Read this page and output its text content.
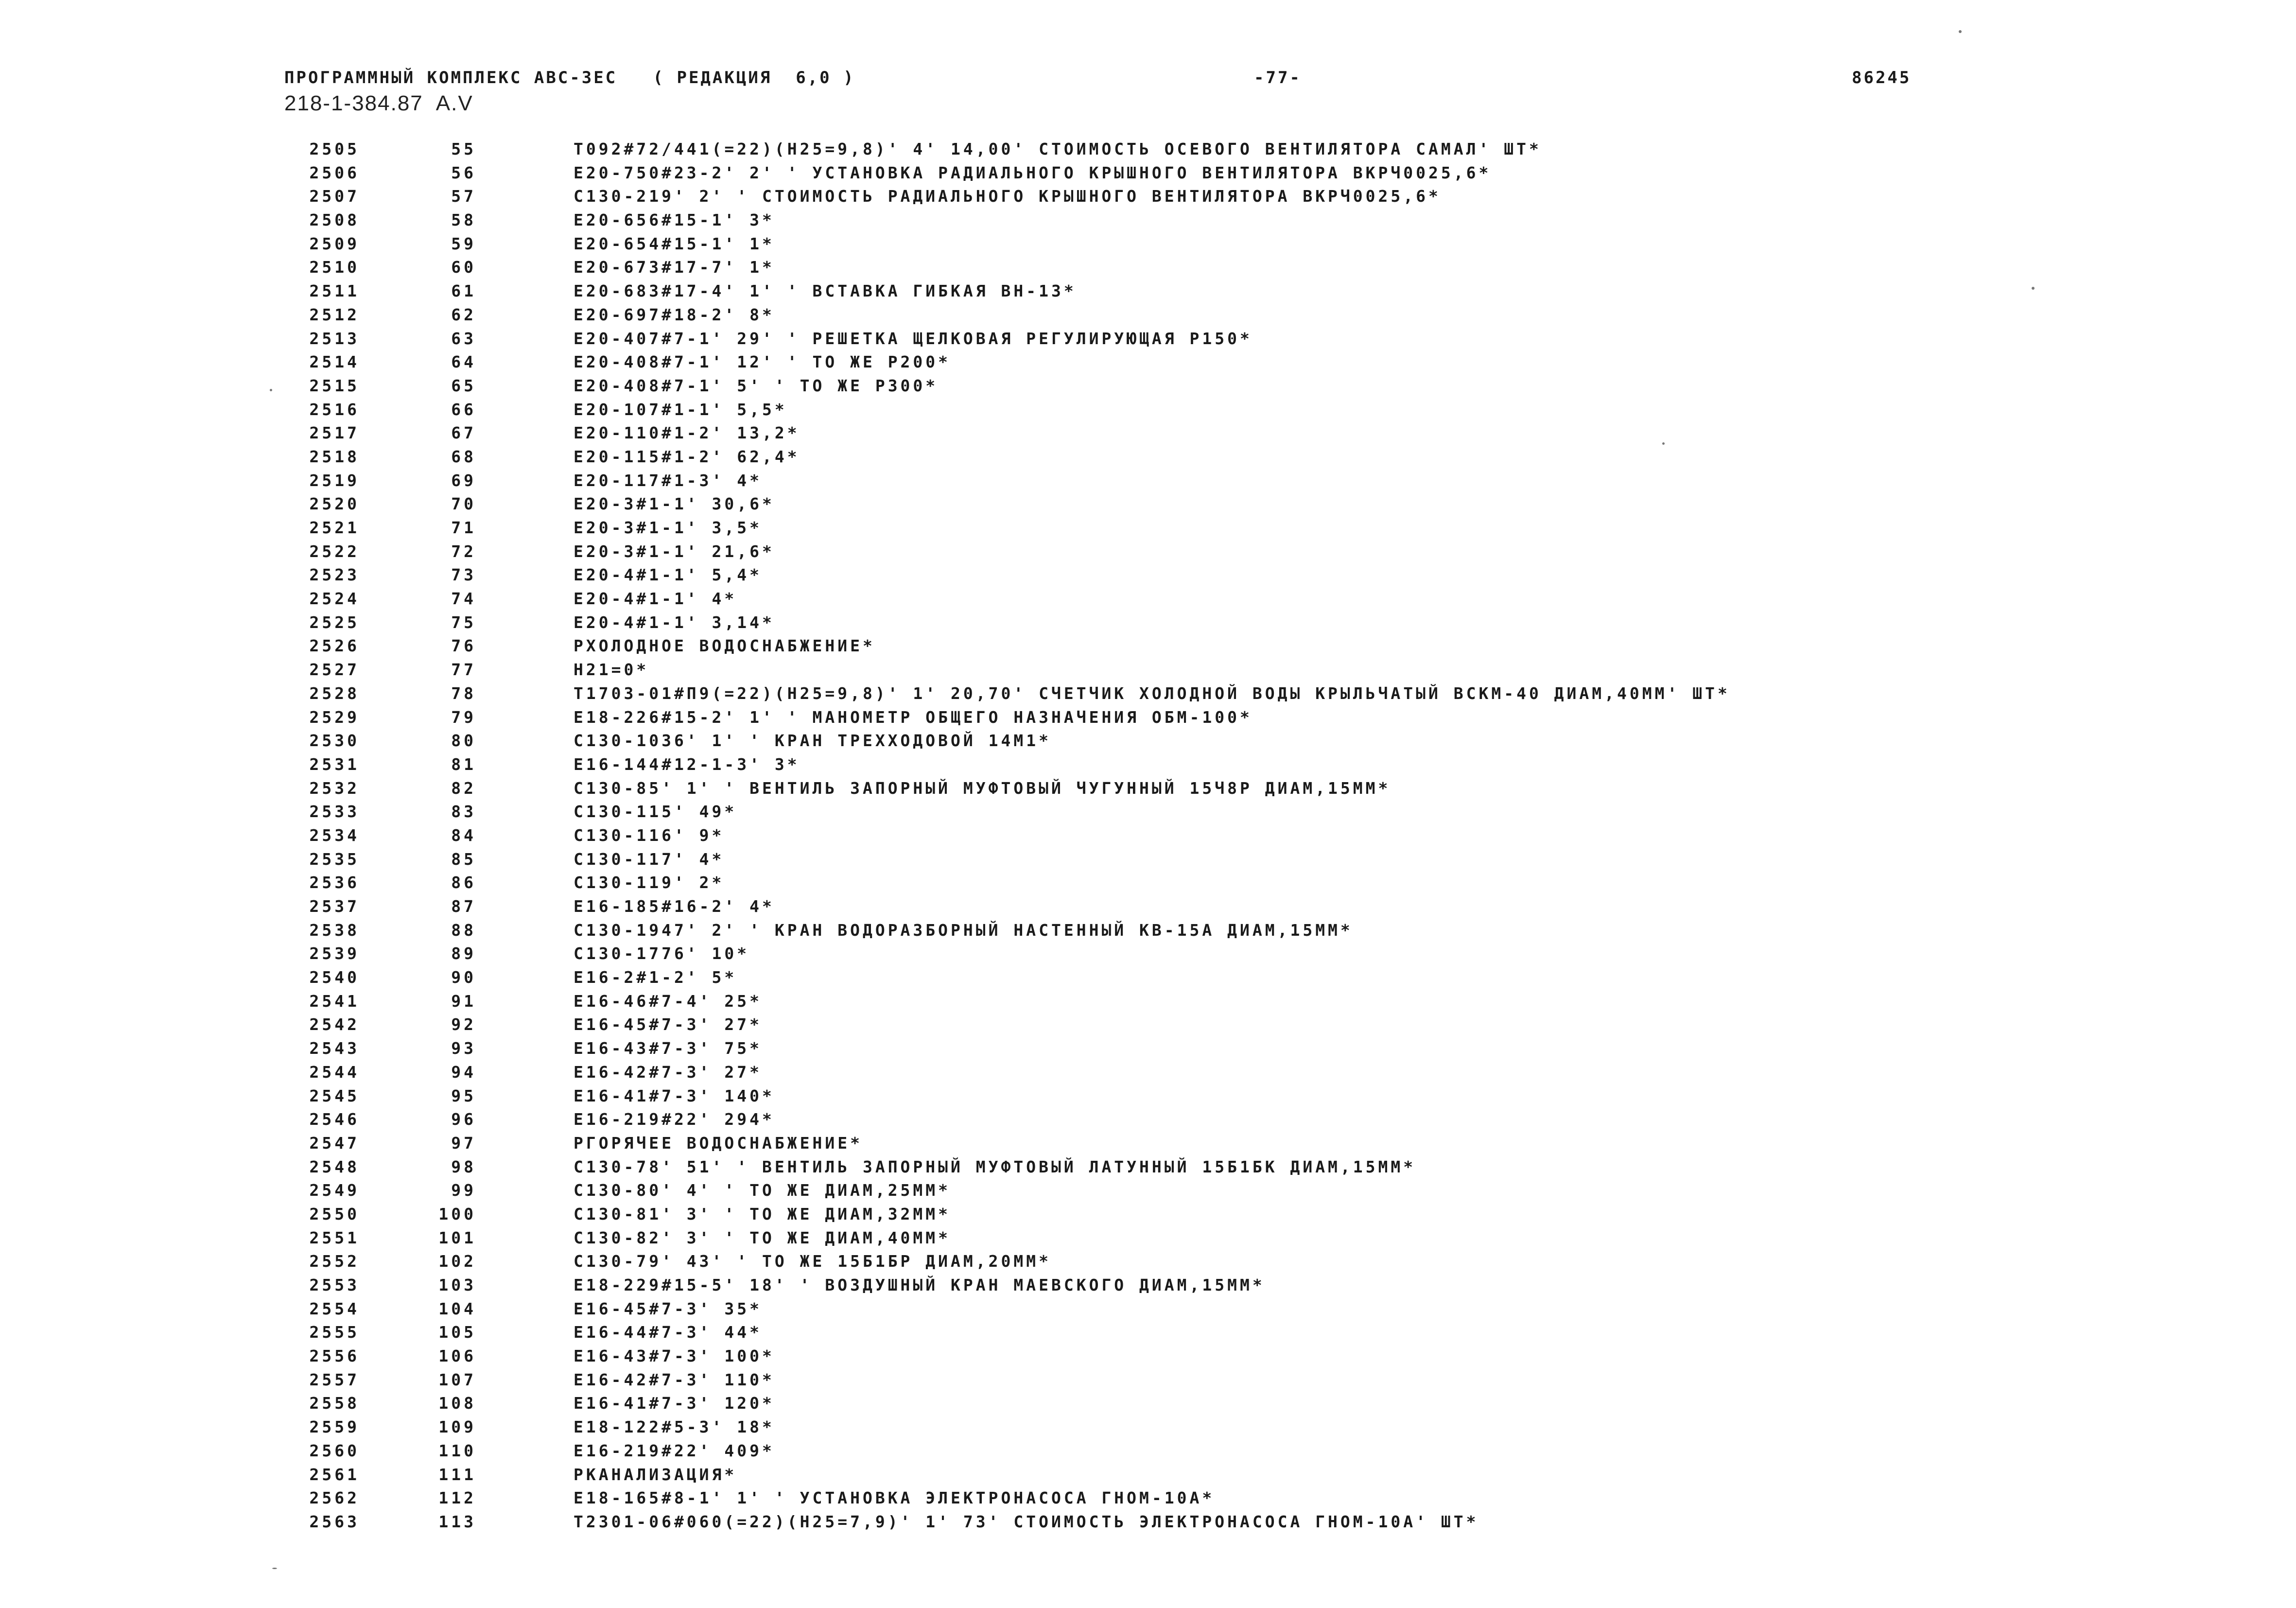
ПРОГРАММНЫЙ КОМПЛЕКС АВС-3ЕС   ( РЕДАКЦИЯ  6,0 )	-77-	86245
218-1-384.87  A.V
2505	55	Т092#72/441(=22)(Н25=9,8)' 4' 14,00' СТОИМОСТЬ ОСЕВОГО ВЕНТИЛЯТОРА САМАЛ' ШТ*
2506	56	Е20-750#23-2' 2' ' УСТАНОВКА РАДИАЛЬНОГО КРЫШНОГО ВЕНТИЛЯТОРА ВКРЧ0025,6*
2507	57	С130-219' 2' ' СТОИМОСТЬ РАДИАЛЬНОГО КРЫШНОГО ВЕНТИЛЯТОРА ВКРЧ0025,6*
2508	58	Е20-656#15-1' 3*
2509	59	Е20-654#15-1' 1*
2510	60	Е20-673#17-7' 1*
2511	61	Е20-683#17-4' 1' ' ВСТАВКА ГИБКАЯ ВН-13*
2512	62	Е20-697#18-2' 8*
2513	63	Е20-407#7-1' 29' ' РЕШЕТКА ЩЕЛКОВАЯ РЕГУЛИРУЮЩАЯ Р150*
2514	64	Е20-408#7-1' 12' ' ТО ЖЕ Р200*
2515	65	Е20-408#7-1' 5' ' ТО ЖЕ Р300*
2516	66	Е20-107#1-1' 5,5*
2517	67	Е20-110#1-2' 13,2*
2518	68	Е20-115#1-2' 62,4*
2519	69	Е20-117#1-3' 4*
2520	70	Е20-3#1-1' 30,6*
2521	71	Е20-3#1-1' 3,5*
2522	72	Е20-3#1-1' 21,6*
2523	73	Е20-4#1-1' 5,4*
2524	74	Е20-4#1-1' 4*
2525	75	Е20-4#1-1' 3,14*
2526	76	РХОЛОДНОЕ ВОДОСНАБЖЕНИЕ*
2527	77	Н21=0*
2528	78	Т1703-01#П9(=22)(Н25=9,8)' 1' 20,70' СЧЕТЧИК ХОЛОДНОЙ ВОДЫ КРЫЛЬЧАТЫЙ ВСКМ-40 ДИАМ,40ММ' ШТ*
2529	79	Е18-226#15-2' 1' ' МАНОМЕТР ОБЩЕГО НАЗНАЧЕНИЯ ОБМ-100*
2530	80	С130-1036' 1' ' КРАН ТРЕХХОДОВОЙ 14М1*
2531	81	Е16-144#12-1-3' 3*
2532	82	С130-85' 1' ' ВЕНТИЛЬ ЗАПОРНЫЙ МУФТОВЫЙ ЧУГУННЫЙ 15Ч8Р ДИАМ,15ММ*
2533	83	С130-115' 49*
2534	84	С130-116' 9*
2535	85	С130-117' 4*
2536	86	С130-119' 2*
2537	87	Е16-185#16-2' 4*
2538	88	С130-1947' 2' ' КРАН ВОДОРАЗБОРНЫЙ НАСТЕННЫЙ КВ-15А ДИАМ,15ММ*
2539	89	С130-1776' 10*
2540	90	Е16-2#1-2' 5*
2541	91	Е16-46#7-4' 25*
2542	92	Е16-45#7-3' 27*
2543	93	Е16-43#7-3' 75*
2544	94	Е16-42#7-3' 27*
2545	95	Е16-41#7-3' 140*
2546	96	Е16-219#22' 294*
2547	97	РГОРЯЧЕЕ ВОДОСНАБЖЕНИЕ*
2548	98	С130-78' 51' ' ВЕНТИЛЬ ЗАПОРНЫЙ МУФТОВЫЙ ЛАТУННЫЙ 15Б1БК ДИАМ,15ММ*
2549	99	С130-80' 4' ' ТО ЖЕ ДИАМ,25ММ*
2550	100	С130-81' 3' ' ТО ЖЕ ДИАМ,32ММ*
2551	101	С130-82' 3' ' ТО ЖЕ ДИАМ,40ММ*
2552	102	С130-79' 43' ' ТО ЖЕ 15Б1БР ДИАМ,20ММ*
2553	103	Е18-229#15-5' 18' ' ВОЗДУШНЫЙ КРАН МАЕВСКОГО ДИАМ,15ММ*
2554	104	Е16-45#7-3' 35*
2555	105	Е16-44#7-3' 44*
2556	106	Е16-43#7-3' 100*
2557	107	Е16-42#7-3' 110*
2558	108	Е16-41#7-3' 120*
2559	109	Е18-122#5-3' 18*
2560	110	Е16-219#22' 409*
2561	111	РКАНАЛИЗАЦИЯ*
2562	112	Е18-165#8-1' 1' ' УСТАНОВКА ЭЛЕКТРОНАСОСА ГНОМ-10А*
2563	113	Т2301-06#060(=22)(Н25=7,9)' 1' 73' СТОИМОСТЬ ЭЛЕКТРОНАСОСА ГНОМ-10А' ШТ*
